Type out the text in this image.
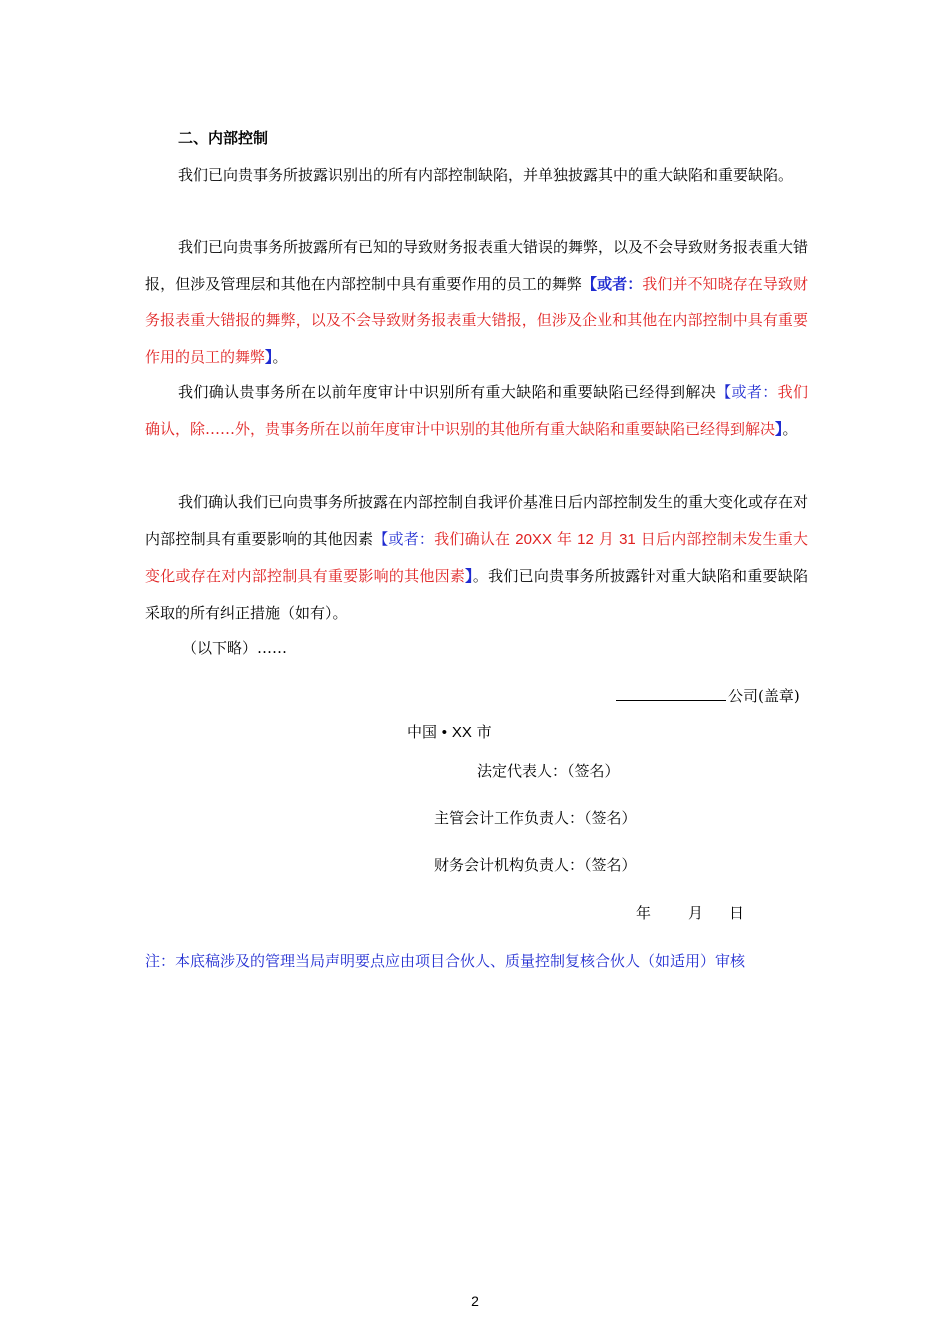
二、内部控制

我们已向贵事务所披露识别出的所有内部控制缺陷，并单独披露其中的重大缺陷和重要缺陷。

我们已向贵事务所披露所有已知的导致财务报表重大错误的舞弊，以及不会导致财务报表重大错报，但涉及管理层和其他在内部控制中具有重要作用的员工的舞弊【或者：我们并不知晓存在导致财务报表重大错报的舞弊，以及不会导致财务报表重大错报，但涉及企业和其他在内部控制中具有重要作用的员工的舞弊】。

我们确认贵事务所在以前年度审计中识别所有重大缺陷和重要缺陷已经得到解决【或者：我们确认，除……外，贵事务所在以前年度审计中识别的其他所有重大缺陷和重要缺陷已经得到解决】。

我们确认我们已向贵事务所披露在内部控制自我评价基准日后内部控制发生的重大变化或存在对内部控制具有重要影响的其他因素【或者：我们确认在 20XX 年 12 月 31 日后内部控制未发生重大变化或存在对内部控制具有重要影响的其他因素】。我们已向贵事务所披露针对重大缺陷和重要缺陷采取的所有纠正措施（如有）。

（以下略）……
公司(盖章)
中国 • XX 市
法定代表人：（签名）
主管会计工作负责人：（签名）
财务会计机构负责人：（签名）
年 月 日

注：本底稿涉及的管理当局声明要点应由项目合伙人、质量控制复核合伙人（如适用）审核

2
